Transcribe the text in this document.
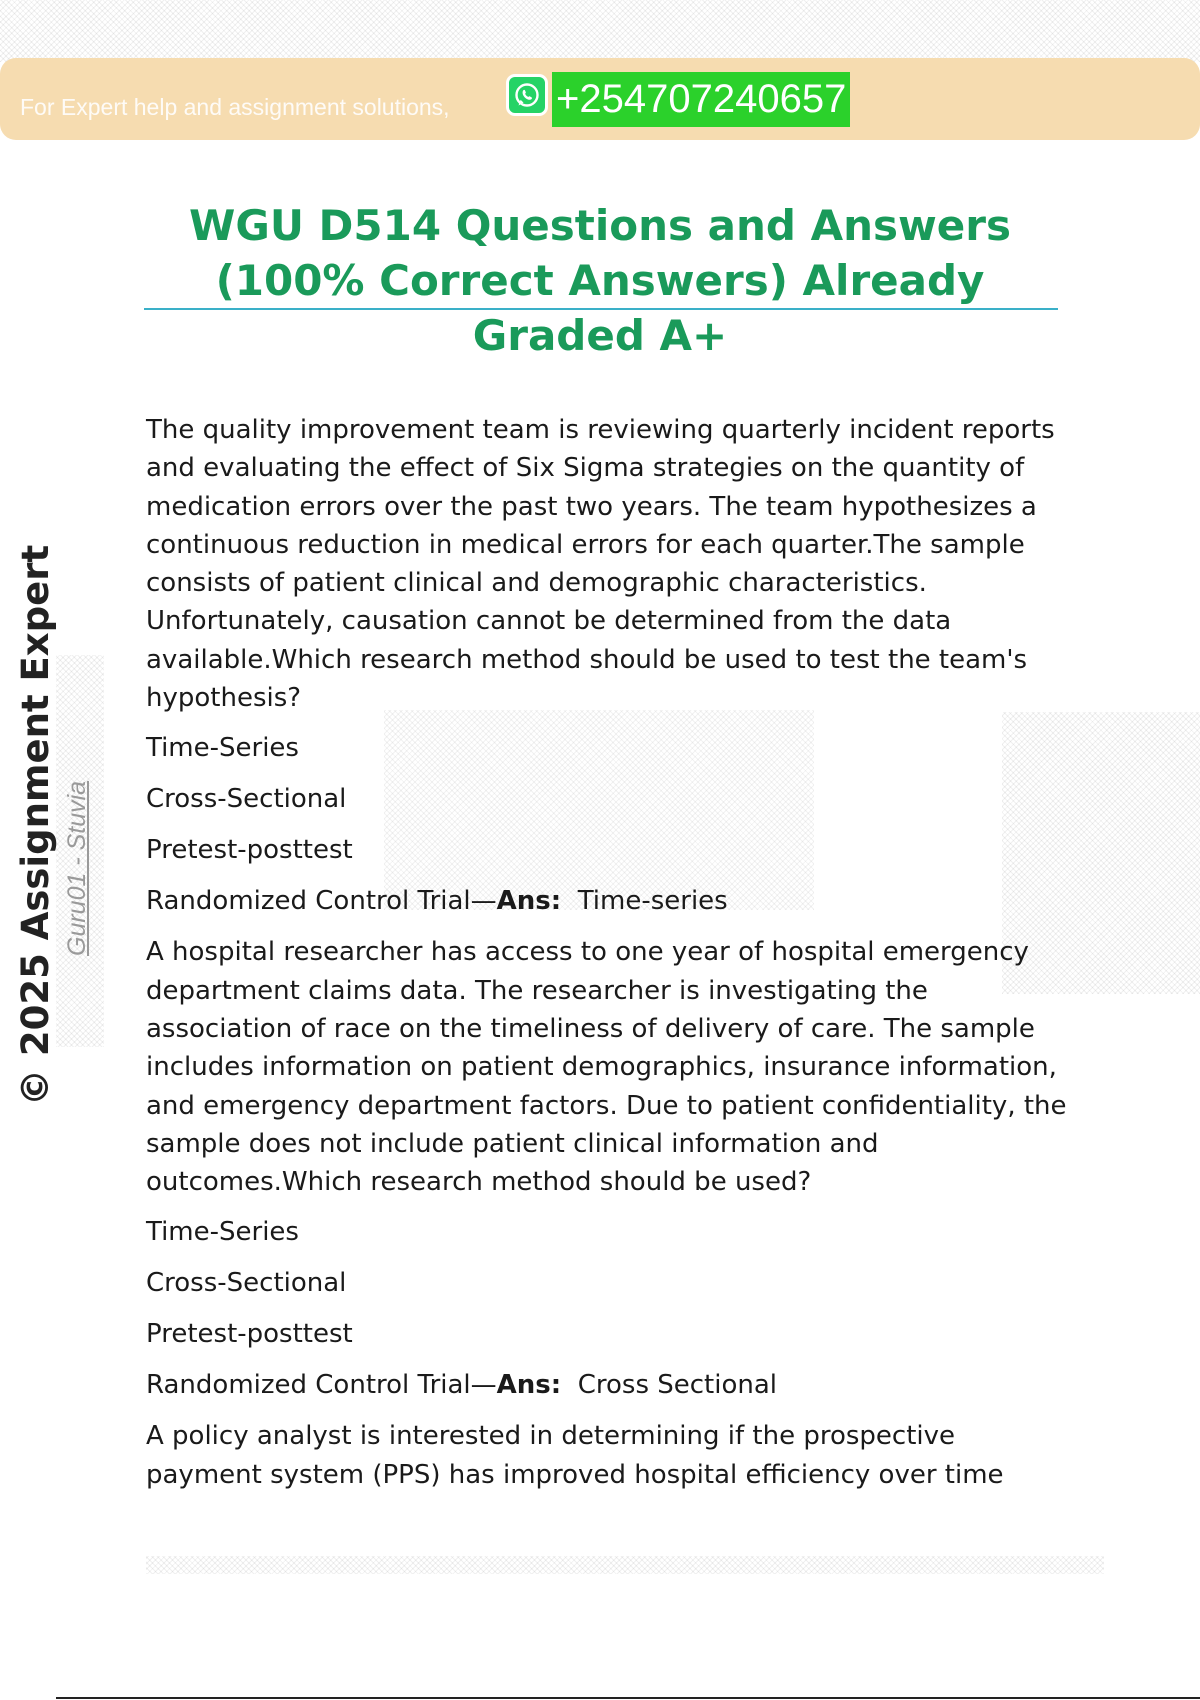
For Expert help and assignment solutions,	+254707240657
WGU D514 Questions and Answers (100% Correct Answers) Already Graded A+
© 2025 Assignment Expert Guru01 - Stuvia
The quality improvement team is reviewing quarterly incident reports and evaluating the effect of Six Sigma strategies on the quantity of medication errors over the past two years. The team hypothesizes a continuous reduction in medical errors for each quarter.The sample consists of patient clinical and demographic characteristics. Unfortunately, causation cannot be determined from the data available.Which research method should be used to test the team's hypothesis?
Time-Series
Cross-Sectional
Pretest-posttest
Randomized Control Trial—Ans: Time-series
A hospital researcher has access to one year of hospital emergency department claims data. The researcher is investigating the association of race on the timeliness of delivery of care. The sample includes information on patient demographics, insurance information, and emergency department factors. Due to patient confidentiality, the sample does not include patient clinical information and outcomes.Which research method should be used?
Time-Series
Cross-Sectional
Pretest-posttest
Randomized Control Trial—Ans: Cross Sectional
A policy analyst is interested in determining if the prospective payment system (PPS) has improved hospital efficiency over time
